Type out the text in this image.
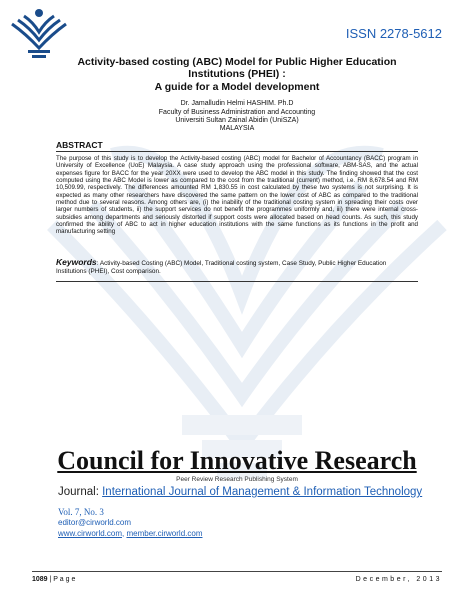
ISSN 2278-5612
Activity-based costing (ABC) Model for Public Higher Education
Institutions (PHEI) :
A guide for a Model development
Dr. Jamalludin Helmi HASHIM. Ph.D
Faculty of Business Administration and Accounting
Universiti Sultan Zainal Abidin (UniSZA)
MALAYSIA
ABSTRACT
The purpose of this study is to develop the Activity-based costing (ABC) model for Bachelor of Accountancy (BACC) program in University of Excellence (UoE) Malaysia. A case study approach using the professional software, ABM-SAS, and the actual expenses figure for BACC for the year 20XX were used to develop the ABC model in this study. The finding showed that the cost computed using the ABC Model is lower as compared to the cost from the traditional (current) method, i.e. RM 8,678.54 and RM 10,509.99, respectively. The differences amounted RM 1,830.55 in cost calculated by these two systems is not surprising. It is expected as many other researchers have discovered the same pattern on the lower cost of ABC as compared to the traditional method due to several reasons. Among others are, (i) the inability of the traditional costing system in spreading their costs over larger numbers of students, ii) the support services do not benefit the programmes uniformly and, iii) there were internal cross-subsidies among departments and seriously distorted if support costs were allocated based on head counts. As such, this study confirmed the ability of ABC to act in higher education institutions with the same functions as its functions in the profit and manufacturing setting
Keywords: Activity-based Costing (ABC) Model, Traditional costing system, Case Study, Public Higher Education Institutions (PHEI), Cost comparison.
Council for Innovative Research
Peer Review Research Publishing System
Journal: International Journal of Management & Information Technology
Vol. 7, No. 3
editor@cirworld.com
www.cirworld.com, member.cirworld.com
1089 | P a g e	December, 2013
